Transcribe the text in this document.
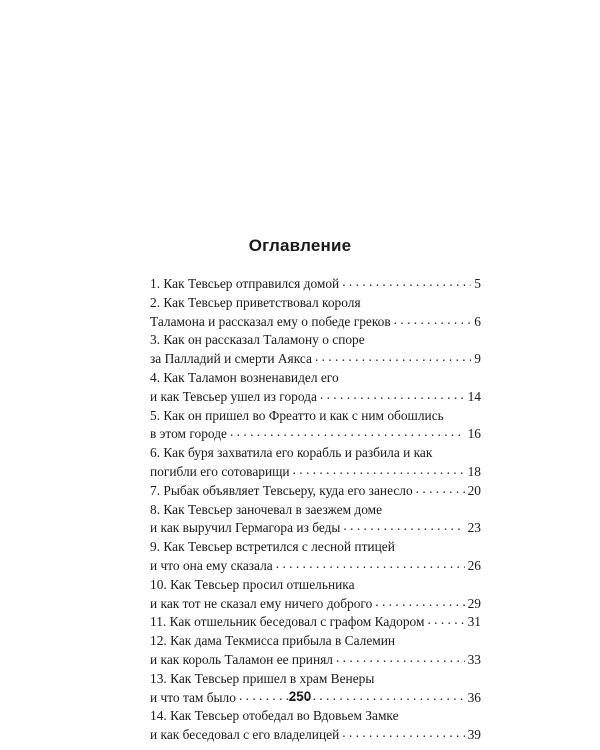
Оглавление
1. Как Тевсьер отправился домой . . .	5
2. Как Тевсьер приветствовал короля
Таламона и рассказал ему о победе греков . . .	6
3. Как он рассказал Таламону о споре
за Палладий и смерти Аякса . . .	9
4. Как Таламон возненавидел его
и как Тевсьер ушел из города . . .	14
5. Как он пришел во Фреатто и как с ним обошлись
в этом городе . . .	16
6. Как буря захватила его корабль и разбила и как
погибли его сотоварищи . . .	18
7. Рыбак объявляет Тевсьеру, куда его занесло . . .	20
8. Как Тевсьер заночевал в заезжем доме
и как выручил Гермагора из беды . . .	23
9. Как Тевсьер встретился с лесной птицей
и что она ему сказала . . .	26
10. Как Тевсьер просил отшельника
и как тот не сказал ему ничего доброго . . .	29
11. Как отшельник беседовал с графом Кадором . . .	31
12. Как дама Текмисса прибыла в Салемин
и как король Таламон ее принял . . .	33
13. Как Тевсьер пришел в храм Венеры
и что там было . . .	36
14. Как Тевсьер отобедал во Вдовьем Замке
и как беседовал с его владелицей . . .	39
250
